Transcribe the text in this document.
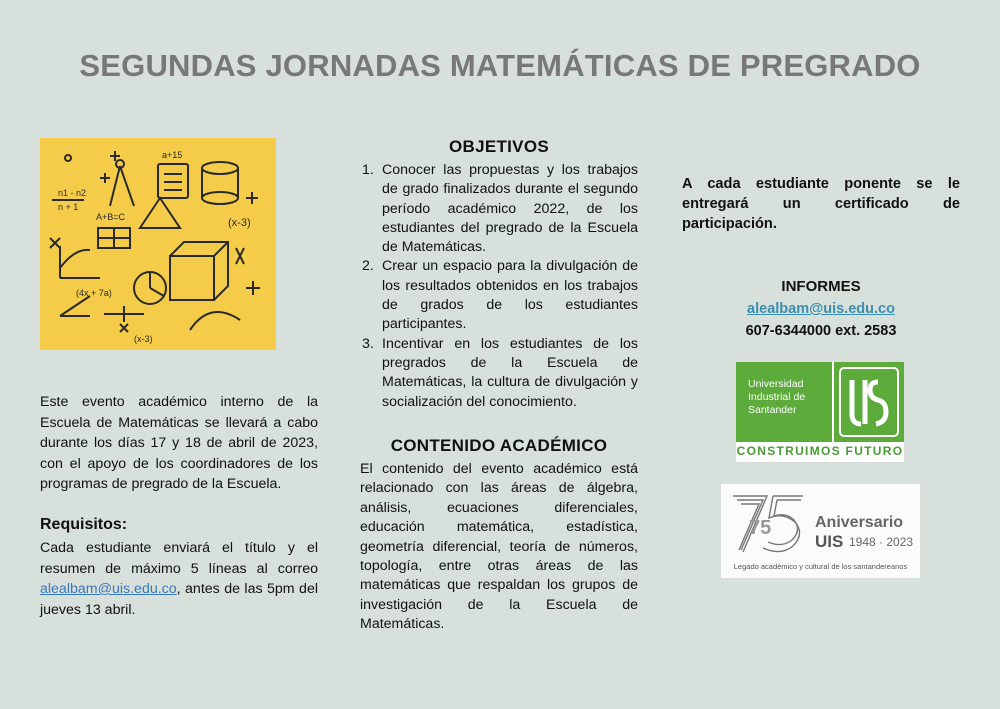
SEGUNDAS JORNADAS MATEMÁTICAS DE PREGRADO
a+15
n1 - n2
n + 1
A+B=C	(x-3)
(4x + 7a)
(x-3)
Este evento académico interno de la Escuela de Matemáticas se llevará a cabo durante los días 17 y 18 de abril de 2023, con el apoyo de los coordinadores de los programas de pregrado de la Escuela.
Requisitos:
Cada estudiante enviará el título y el resumen de máximo 5 líneas al correo alealbam@uis.edu.co, antes de las 5pm del jueves 13 abril.
OBJETIVOS
1. Conocer las propuestas y los trabajos de grado finalizados durante el segundo período académico 2022, de los estudiantes del pregrado de la Escuela de Matemáticas.
2. Crear un espacio para la divulgación de los resultados obtenidos en los trabajos de grados de los estudiantes participantes.
3. Incentivar en los estudiantes de los pregrados de la Escuela de Matemáticas, la cultura de divulgación y socialización del conocimiento.
CONTENIDO ACADÉMICO
El contenido del evento académico está relacionado con las áreas de álgebra, análisis, ecuaciones diferenciales, educación matemática, estadística, geometría diferencial, teoría de números, topología, entre otras áreas de las matemáticas que respaldan los grupos de investigación de la Escuela de Matemáticas.
A cada estudiante ponente se le entregará un certificado de participación.
INFORMES
alealbam@uis.edu.co
607-6344000 ext. 2583
Universidad
Industrial de
Santander
CONSTRUIMOS FUTURO
75	Aniversario
UIS 1948 · 2023
Legado académico y cultural de los santandereanos
